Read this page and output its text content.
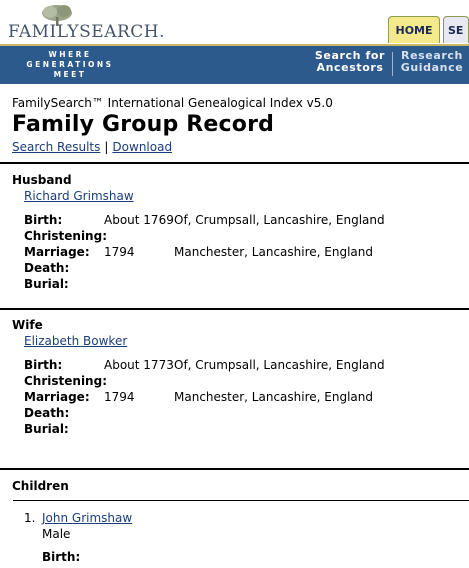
FAMILYSEARCH.	HOME	SE
WHERE
GENERATIONS
MEET
Search for
Ancestors
Research
Guidance
FamilySearch™ International Genealogical Index v5.0
Family Group Record
Search Results | Download
Husband
Richard Grimshaw
Birth:	About 1769 Of, Crumpsall, Lancashire, England
Christening:
Marriage: 1794	Manchester, Lancashire, England
Death:
Burial:
Wife
Elizabeth Bowker
Birth:	About 1773 Of, Crumpsall, Lancashire, England
Christening:
Marriage: 1794	Manchester, Lancashire, England
Death:
Burial:
Children
1. John Grimshaw
Male
Birth:
